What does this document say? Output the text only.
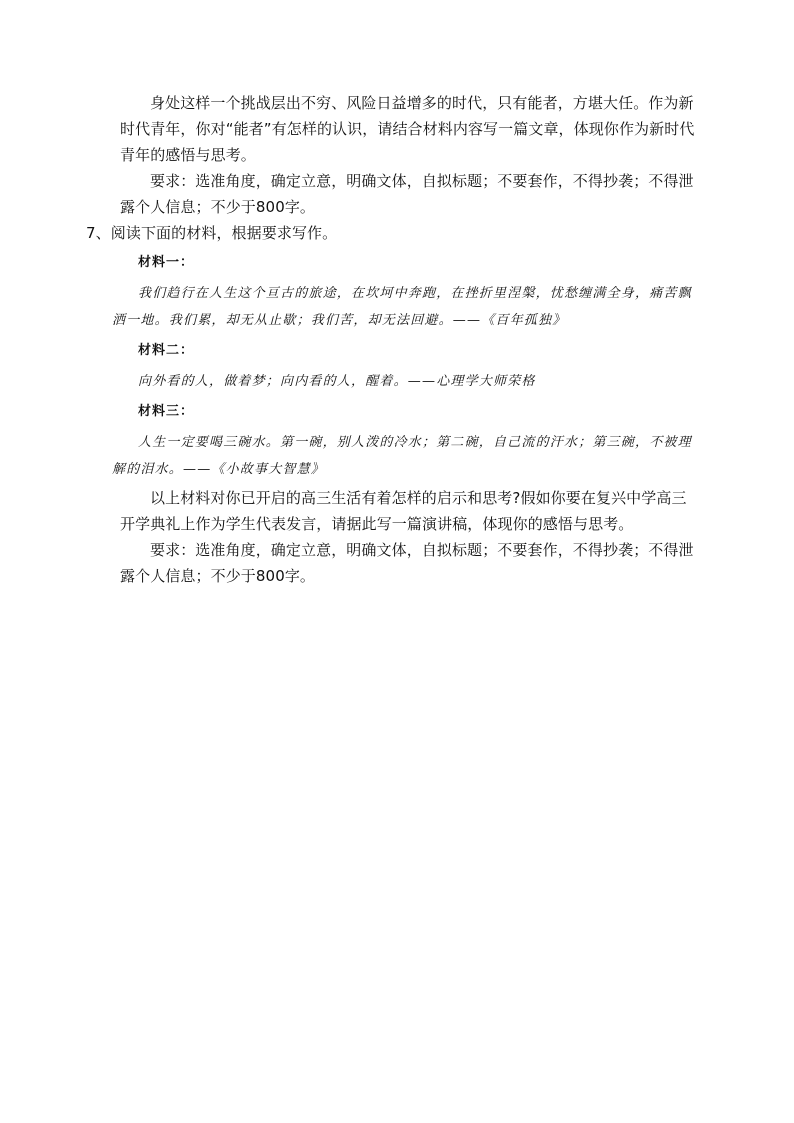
身处这样一个挑战层出不穷、风险日益增多的时代，只有能者，方堪大任。作为新时代青年，你对“能者”有怎样的认识，请结合材料内容写一篇文章，体现你作为新时代青年的感悟与思考。

要求：选准角度，确定立意，明确文体，自拟标题；不要套作，不得抄袭；不得泄露个人信息；不少于800字。

7、阅读下面的材料，根据要求写作。

材料一：
我们趋行在人生这个亘古的旅途，在坎坷中奔跑，在挫折里涅槃，忧愁缠满全身，痛苦飘洒一地。我们累，却无从止歇；我们苦，却无法回避。——《百年孤独》
材料二：
向外看的人，做着梦；向内看的人，醒着。——心理学大师荣格
材料三：
人生一定要喝三碗水。第一碗，别人泼的冷水；第二碗，自己流的汗水；第三碗，不被理解的泪水。——《小故事大智慧》

以上材料对你已开启的高三生活有着怎样的启示和思考?假如你要在复兴中学高三开学典礼上作为学生代表发言，请据此写一篇演讲稿，体现你的感悟与思考。

要求：选准角度，确定立意，明确文体，自拟标题；不要套作，不得抄袭；不得泄露个人信息；不少于800字。
